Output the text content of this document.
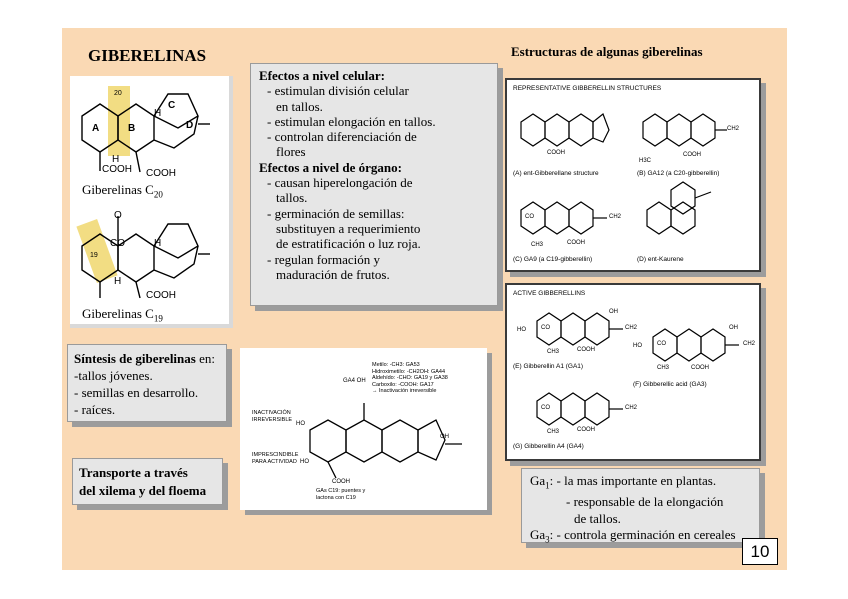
GIBERELINAS	Estructuras de algunas giberelinas
A	B
C
D
20
H
H
COOH COOH
Giberelinas $C_{20}$
O
CO
19
H
H
COOH
Giberelinas $C_{19}$
Efectos a nivel celular:
- estimulan división celular
en tallos.
- estimulan elongación en tallos.
- controlan diferenciación de
flores
Efectos a nivel de órgano:
- causan hiperelongación de
tallos.
- germinación de semillas:
substituyen a requerimiento
de estratificación o luz roja.
- regulan formación y
maduración de frutos.
Síntesis de giberelinas en:
-tallos jóvenes.
- semillas en desarrollo.
- raíces.
Transporte a través
del xilema y del floema
Metilo: -CH3: GA53
Hidroximetilo: -CH2OH: GA44
Aldehído: -CHO: GA19 y GA38
Carboxilo: -COOH: GA17
→ Inactivación irreversible
GA4 OH
INACTIVACIÓN IRREVERSIBLE
IMPRESCINDIBLE PARA ACTIVIDAD
HO
HO
OH
COOH
GAs C19: puentes y lactona con C19
REPRESENTATIVE GIBBERELLIN STRUCTURES
(A) ent-Gibberellane structure	(B) GA12 (a C20-gibberellin)
(C) GA9 (a C19-gibberellin)	(D) ent-Kaurene
COOH
H3C
COOH
CH2
CO
COOH
CH2
CH3
ACTIVE GIBBERELLINS
HO
OH
CO
CH3	COOH
CH2
(E) Gibberellin A1 (GA1)
HO
OH
CH2
CO
CH3	COOH
(F) Gibberellic acid (GA3)
CH2
CO
CH3	COOH
(G) Gibberellin A4 (GA4)
$Ga_1$: - la mas importante en plantas.
- responsable de la elongación
de tallos.
$Ga_3$: - controla germinación en cereales
10
